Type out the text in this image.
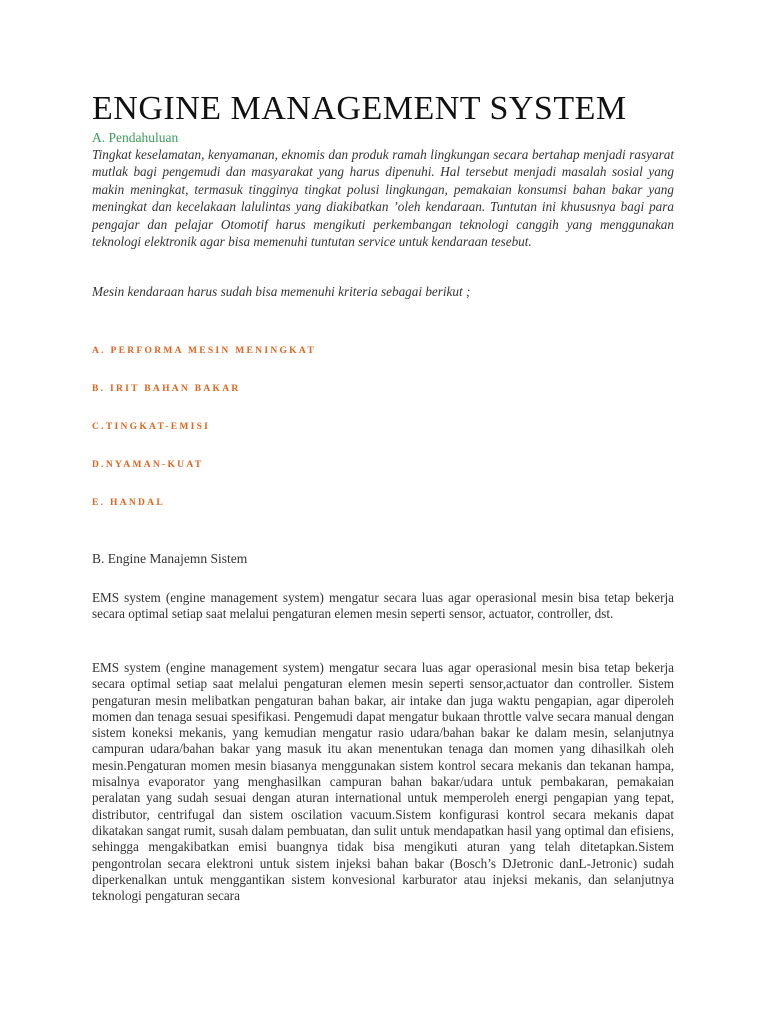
ENGINE MANAGEMENT SYSTEM

A. Pendahuluan

Tingkat keselamatan, kenyamanan, eknomis dan produk ramah lingkungan secara bertahap menjadi rasyarat mutlak bagi pengemudi dan masyarakat yang harus dipenuhi. Hal tersebut menjadi masalah sosial yang makin meningkat, termasuk tingginya tingkat polusi lingkungan, pemakaian konsumsi bahan bakar yang meningkat dan kecelakaan lalulintas yang diakibatkan ’oleh kendaraan. Tuntutan ini khususnya bagi para pengajar dan pelajar Otomotif harus mengikuti perkembangan teknologi canggih yang menggunakan teknologi elektronik agar bisa memenuhi tuntutan service untuk kendaraan tesebut.

Mesin kendaraan harus sudah bisa memenuhi kriteria sebagai berikut ;

A. PERFORMA MESIN MENINGKAT
B. IRIT BAHAN BAKAR
C.TINGKAT-EMISI
D.NYAMAN-KUAT
E. HANDAL

B. Engine Manajemn Sistem

EMS system (engine management system) mengatur secara luas agar operasional mesin bisa tetap bekerja secara optimal setiap saat melalui pengaturan elemen mesin seperti sensor, actuator, controller, dst.

EMS system (engine management system) mengatur secara luas agar operasional mesin bisa tetap bekerja secara optimal setiap saat melalui pengaturan elemen mesin seperti sensor,actuator dan controller. Sistem pengaturan mesin melibatkan pengaturan bahan bakar, air intake dan juga waktu pengapian, agar diperoleh momen dan tenaga sesuai spesifikasi. Pengemudi dapat mengatur bukaan throttle valve secara manual dengan sistem koneksi mekanis, yang kemudian mengatur rasio udara/bahan bakar ke dalam mesin, selanjutnya campuran udara/bahan bakar yang masuk itu akan menentukan tenaga dan momen yang dihasilkah oleh mesin.Pengaturan momen mesin biasanya menggunakan sistem kontrol secara mekanis dan tekanan hampa, misalnya evaporator yang menghasilkan campuran bahan bakar/udara untuk pembakaran, pemakaian peralatan yang sudah sesuai dengan aturan international untuk memperoleh energi pengapian yang tepat, distributor, centrifugal dan sistem oscilation vacuum.Sistem konfigurasi kontrol secara mekanis dapat dikatakan sangat rumit, susah dalam pembuatan, dan sulit untuk mendapatkan hasil yang optimal dan efisiens, sehingga mengakibatkan emisi buangnya tidak bisa mengikuti aturan yang telah ditetapkan.Sistem pengontrolan secara elektroni untuk sistem injeksi bahan bakar (Bosch’s DJetronic danL-Jetronic) sudah diperkenalkan untuk menggantikan sistem konvesional karburator atau injeksi mekanis, dan selanjutnya teknologi pengaturan secara
